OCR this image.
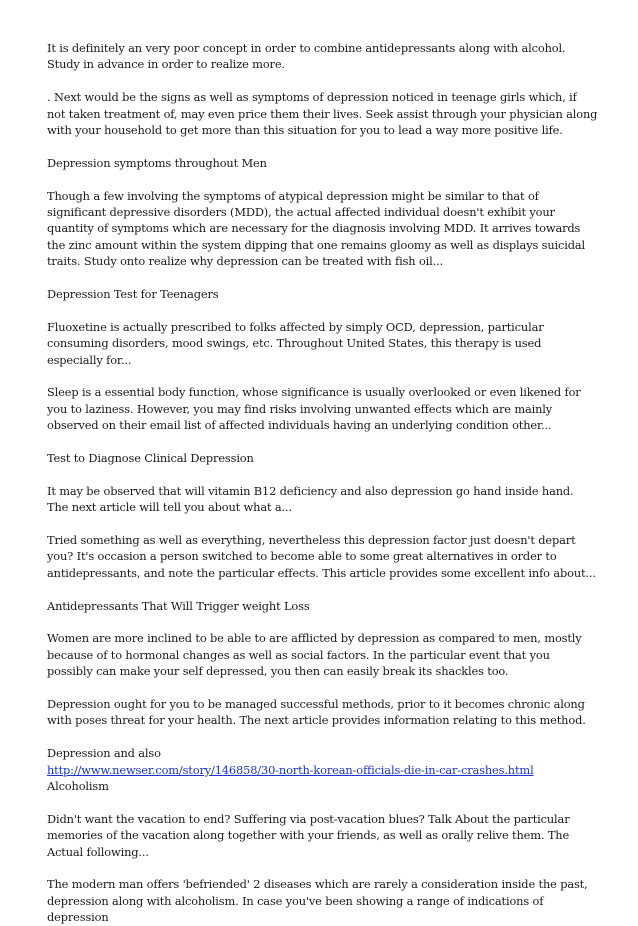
It is definitely an very poor concept in order to combine antidepressants along with alcohol. Study in advance in order to realize more.

. Next would be the signs as well as symptoms of depression noticed in teenage girls which, if not taken treatment of, may even price them their lives. Seek assist through your physician along with your household to get more than this situation for you to lead a way more positive life.

Depression symptoms throughout Men

Though a few involving the symptoms of atypical depression might be similar to that of significant depressive disorders (MDD), the actual affected individual doesn't exhibit your quantity of symptoms which are necessary for the diagnosis involving MDD. It arrives towards the zinc amount within the system dipping that one remains gloomy as well as displays suicidal traits. Study onto realize why depression can be treated with fish oil...

Depression Test for Teenagers

Fluoxetine is actually prescribed to folks affected by simply OCD, depression, particular consuming disorders, mood swings, etc. Throughout United States, this therapy is used especially for...

Sleep is a essential body function, whose significance is usually overlooked or even likened for you to laziness. However, you may find risks involving unwanted effects which are mainly observed on their email list of affected individuals having an underlying condition other...

Test to Diagnose Clinical Depression

It may be observed that will vitamin B12 deficiency and also depression go hand inside hand. The next article will tell you about what a...

Tried something as well as everything, nevertheless this depression factor just doesn't depart you? It's occasion a person switched to become able to some great alternatives in order to antidepressants, and note the particular effects. This article provides some excellent info about...

Antidepressants That Will Trigger weight Loss

Women are more inclined to be able to are afflicted by depression as compared to men, mostly because of to hormonal changes as well as social factors. In the particular event that you possibly can make your self depressed, you then can easily break its shackles too.

Depression ought for you to be managed successful methods, prior to it becomes chronic along with poses threat for your health. The next article provides information relating to this method.

Depression and also
http://www.newser.com/story/146858/30-north-korean-officials-die-in-car-crashes.html Alcoholism

Didn't want the vacation to end? Suffering via post-vacation blues? Talk About the particular memories of the vacation along together with your friends, as well as orally relive them. The Actual following...

The modern man offers 'befriended' 2 diseases which are rarely a consideration inside the past, depression along with alcoholism. In case you've been showing a range of indications of depression
